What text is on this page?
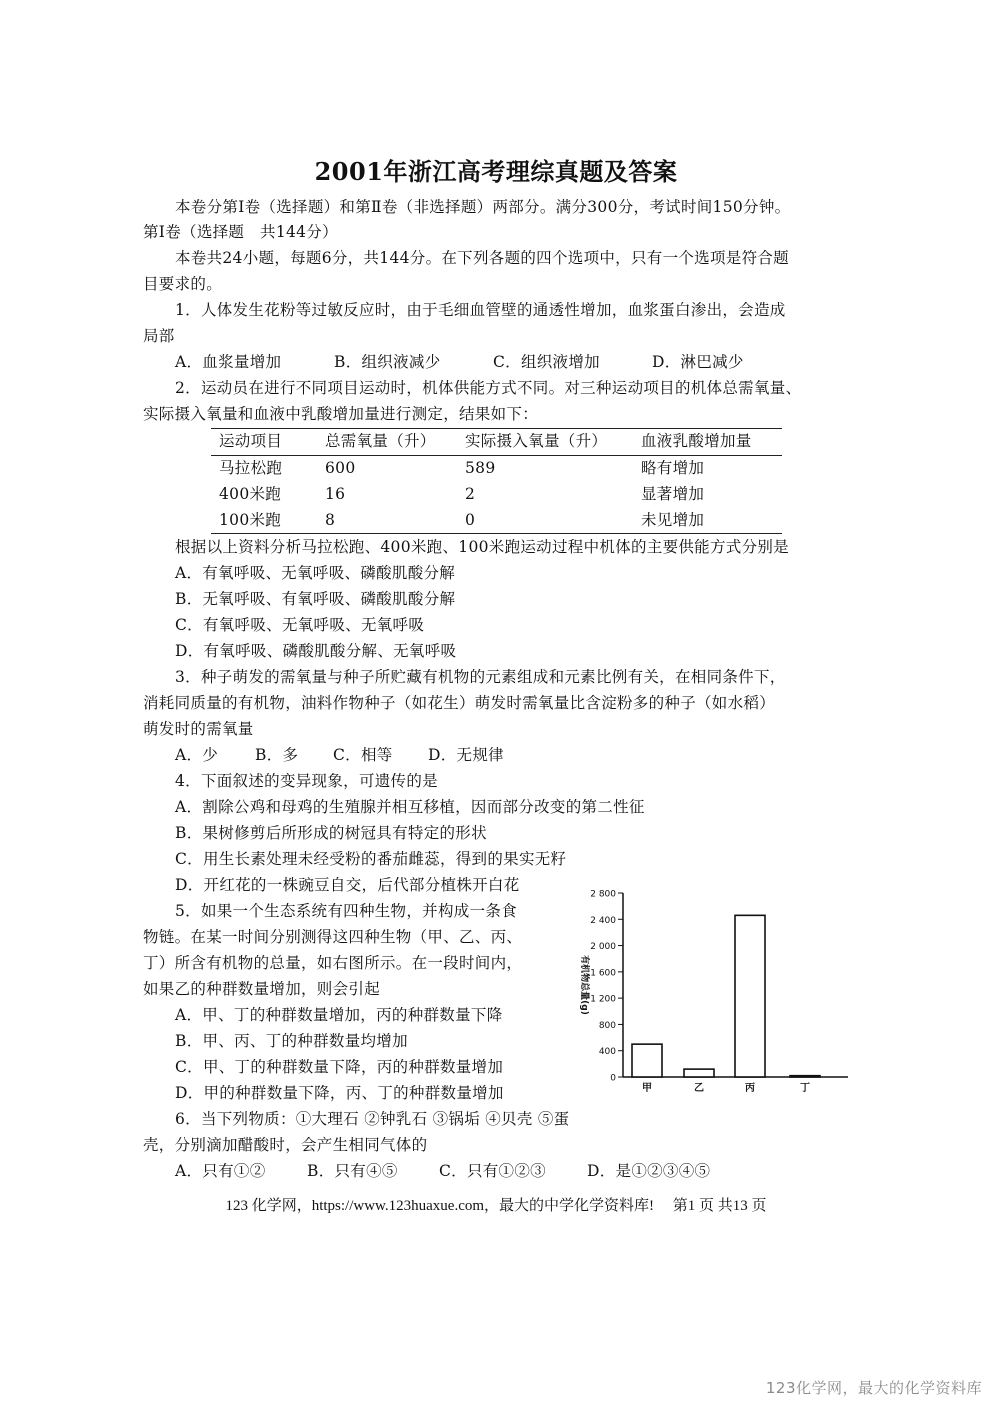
2001年浙江高考理综真题及答案
本卷分第Ⅰ卷（选择题）和第Ⅱ卷（非选择题）两部分。满分300分，考试时间150分钟。
第Ⅰ卷（选择题　共144分）
本卷共24小题，每题6分，共144分。在下列各题的四个选项中，只有一个选项是符合题
目要求的。
1．人体发生花粉等过敏反应时，由于毛细血管壁的通透性增加，血浆蛋白渗出，会造成
局部
A．血浆量增加	B．组织液减少	C．组织液增加	D．淋巴减少
2．运动员在进行不同项目运动时，机体供能方式不同。对三种运动项目的机体总需氧量、
实际摄入氧量和血液中乳酸增加量进行测定，结果如下：
运动项目	总需氧量（升） 实际摄入氧量（升） 血液乳酸增加量
马拉松跑	600	589	略有增加
400米跑	16	2	显著增加
100米跑	8	0	未见增加
根据以上资料分析马拉松跑、400米跑、100米跑运动过程中机体的主要供能方式分别是
A．有氧呼吸、无氧呼吸、磷酸肌酸分解
B．无氧呼吸、有氧呼吸、磷酸肌酸分解
C．有氧呼吸、无氧呼吸、无氧呼吸
D．有氧呼吸、磷酸肌酸分解、无氧呼吸
3．种子萌发的需氧量与种子所贮藏有机物的元素组成和元素比例有关，在相同条件下，
消耗同质量的有机物，油料作物种子（如花生）萌发时需氧量比含淀粉多的种子（如水稻）
萌发时的需氧量
A．少 B．多 C．相等 D．无规律
4．下面叙述的变异现象，可遗传的是
A．割除公鸡和母鸡的生殖腺并相互移植，因而部分改变的第二性征
B．果树修剪后所形成的树冠具有特定的形状
C．用生长素处理未经受粉的番茄雌蕊，得到的果实无籽
D．开红花的一株豌豆自交，后代部分植株开白花
5．如果一个生态系统有四种生物，并构成一条食
物链。在某一时间分别测得这四种生物（甲、乙、丙、
丁）所含有机物的总量，如右图所示。在一段时间内，
如果乙的种群数量增加，则会引起
A．甲、丁的种群数量增加，丙的种群数量下降
B．甲、丙、丁的种群数量均增加
C．甲、丁的种群数量下降，丙的种群数量增加
D．甲的种群数量下降，丙、丁的种群数量增加
0
400
800
1 200
1 600
2 000
2 400
2 800
甲	乙	丙	丁
有机物总量(g)
6．当下列物质：①大理石 ②钟乳石 ③锅垢 ④贝壳 ⑤蛋
壳，分别滴加醋酸时，会产生相同气体的
A．只有①②	B．只有④⑤	C．只有①②③	D．是①②③④⑤
123 化学网，https://www.123huaxue.com，最大的中学化学资料库!　 第1 页 共13 页
123化学网，最大的化学资料库
